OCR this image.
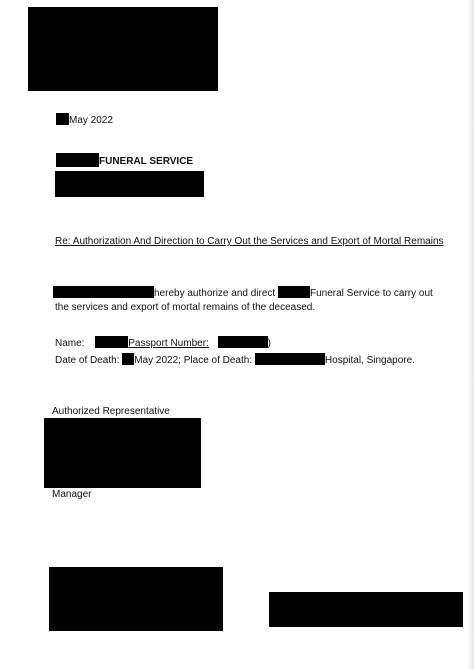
May 2022
FUNERAL SERVICE
Re: Authorization And Direction to Carry Out the Services and Export of Mortal Remains
hereby authorize and direct	Funeral Service to carry out
the services and export of mortal remains of the deceased.
Name:	Passport Number:	)
Date of Death: May 2022; Place of Death:	Hospital, Singapore.
Authorized Representative
Manager
